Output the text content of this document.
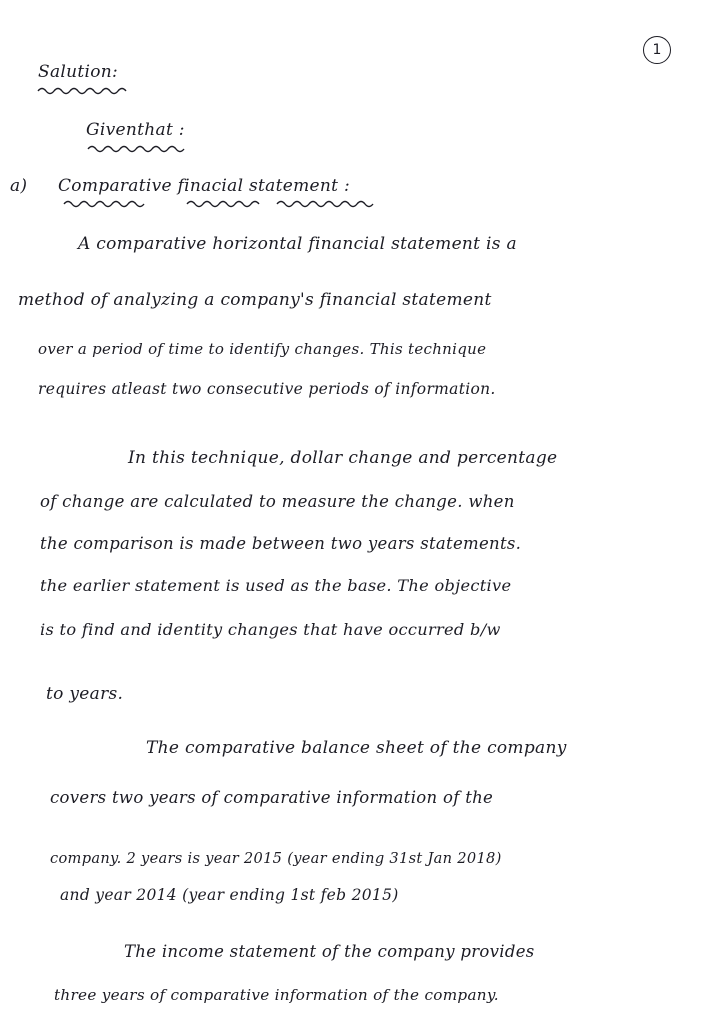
1
Salution:
Giventhat :
a) Comparative finacial statement :
A comparative horizontal financial statement is a
method of analyzing a company's financial statement
over a period of time to identify changes. This technique
requires atleast two consecutive periods of information.
In this technique, dollar change and percentage
of change are calculated to measure the change. when
the comparison is made between two years statements.
the earlier statement is used as the base. The objective
is to find and identity changes that have occurred b/w
to years.
The comparative balance sheet of the company
covers two years of comparative information of the
company. 2 years is year 2015 (year ending 31st Jan 2018)
and year 2014 (year ending 1st feb 2015)
The income statement of the company provides
three years of comparative information of the company.
